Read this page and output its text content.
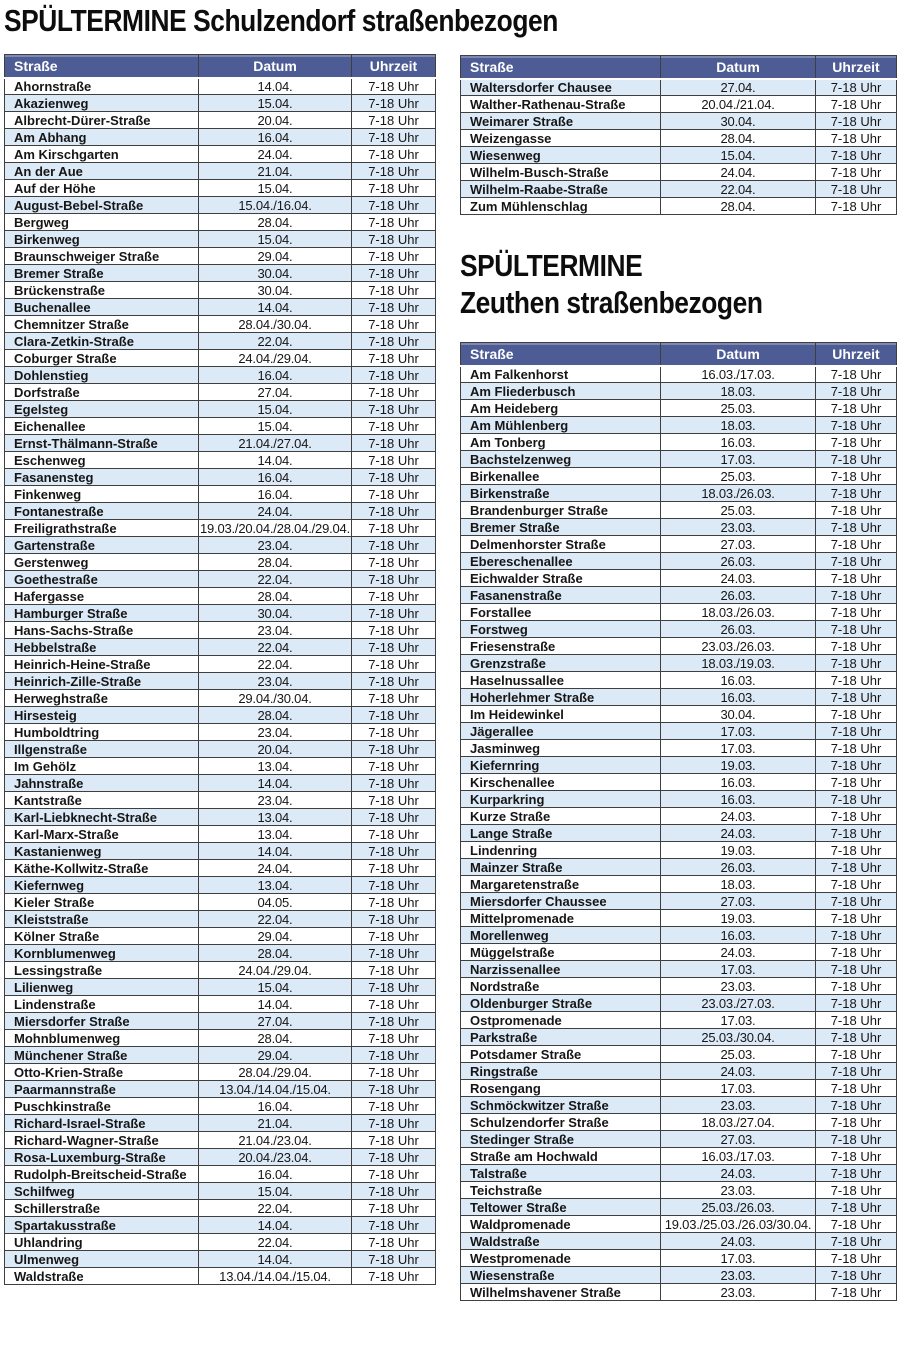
SPÜLTERMINE Schulzendorf straßenbezogen
Straße	Datum	Uhrzeit
Ahornstraße	14.04.	7-18 Uhr
Akazienweg	15.04.	7-18 Uhr
Albrecht-Dürer-Straße	20.04.	7-18 Uhr
Am Abhang	16.04.	7-18 Uhr
Am Kirschgarten	24.04.	7-18 Uhr
An der Aue	21.04.	7-18 Uhr
Auf der Höhe	15.04.	7-18 Uhr
August-Bebel-Straße	15.04./16.04.	7-18 Uhr
Bergweg	28.04.	7-18 Uhr
Birkenweg	15.04.	7-18 Uhr
Braunschweiger Straße	29.04.	7-18 Uhr
Bremer Straße	30.04.	7-18 Uhr
Brückenstraße	30.04.	7-18 Uhr
Buchenallee	14.04.	7-18 Uhr
Chemnitzer Straße	28.04./30.04.	7-18 Uhr
Clara-Zetkin-Straße	22.04.	7-18 Uhr
Coburger Straße	24.04./29.04.	7-18 Uhr
Dohlenstieg	16.04.	7-18 Uhr
Dorfstraße	27.04.	7-18 Uhr
Egelsteg	15.04.	7-18 Uhr
Eichenallee	15.04.	7-18 Uhr
Ernst-Thälmann-Straße	21.04./27.04.	7-18 Uhr
Eschenweg	14.04.	7-18 Uhr
Fasanensteg	16.04.	7-18 Uhr
Finkenweg	16.04.	7-18 Uhr
Fontanestraße	24.04.	7-18 Uhr
Freiligrathstraße	19.03./20.04./28.04./29.04.	7-18 Uhr
Gartenstraße	23.04.	7-18 Uhr
Gerstenweg	28.04.	7-18 Uhr
Goethestraße	22.04.	7-18 Uhr
Hafergasse	28.04.	7-18 Uhr
Hamburger Straße	30.04.	7-18 Uhr
Hans-Sachs-Straße	23.04.	7-18 Uhr
Hebbelstraße	22.04.	7-18 Uhr
Heinrich-Heine-Straße	22.04.	7-18 Uhr
Heinrich-Zille-Straße	23.04.	7-18 Uhr
Herweghstraße	29.04./30.04.	7-18 Uhr
Hirsesteig	28.04.	7-18 Uhr
Humboldtring	23.04.	7-18 Uhr
Illgenstraße	20.04.	7-18 Uhr
Im Gehölz	13.04.	7-18 Uhr
Jahnstraße	14.04.	7-18 Uhr
Kantstraße	23.04.	7-18 Uhr
Karl-Liebknecht-Straße	13.04.	7-18 Uhr
Karl-Marx-Straße	13.04.	7-18 Uhr
Kastanienweg	14.04.	7-18 Uhr
Käthe-Kollwitz-Straße	24.04.	7-18 Uhr
Kiefernweg	13.04.	7-18 Uhr
Kieler Straße	04.05.	7-18 Uhr
Kleiststraße	22.04.	7-18 Uhr
Kölner Straße	29.04.	7-18 Uhr
Kornblumenweg	28.04.	7-18 Uhr
Lessingstraße	24.04./29.04.	7-18 Uhr
Lilienweg	15.04.	7-18 Uhr
Lindenstraße	14.04.	7-18 Uhr
Miersdorfer Straße	27.04.	7-18 Uhr
Mohnblumenweg	28.04.	7-18 Uhr
Münchener Straße	29.04.	7-18 Uhr
Otto-Krien-Straße	28.04./29.04.	7-18 Uhr
Paarmannstraße	13.04./14.04./15.04.	7-18 Uhr
Puschkinstraße	16.04.	7-18 Uhr
Richard-Israel-Straße	21.04.	7-18 Uhr
Richard-Wagner-Straße	21.04./23.04.	7-18 Uhr
Rosa-Luxemburg-Straße	20.04./23.04.	7-18 Uhr
Rudolph-Breitscheid-Straße	16.04.	7-18 Uhr
Schilfweg	15.04.	7-18 Uhr
Schillerstraße	22.04.	7-18 Uhr
Spartakusstraße	14.04.	7-18 Uhr
Uhlandring	22.04.	7-18 Uhr
Ulmenweg	14.04.	7-18 Uhr
Waldstraße	13.04./14.04./15.04.	7-18 Uhr
Straße	Datum	Uhrzeit
Waltersdorfer Chausee	27.04.	7-18 Uhr
Walther-Rathenau-Straße	20.04./21.04.	7-18 Uhr
Weimarer Straße	30.04.	7-18 Uhr
Weizengasse	28.04.	7-18 Uhr
Wiesenweg	15.04.	7-18 Uhr
Wilhelm-Busch-Straße	24.04.	7-18 Uhr
Wilhelm-Raabe-Straße	22.04.	7-18 Uhr
Zum Mühlenschlag	28.04.	7-18 Uhr
SPÜLTERMINE
Zeuthen straßenbezogen
Straße	Datum	Uhrzeit
Am Falkenhorst	16.03./17.03.	7-18 Uhr
Am Fliederbusch	18.03.	7-18 Uhr
Am Heideberg	25.03.	7-18 Uhr
Am Mühlenberg	18.03.	7-18 Uhr
Am Tonberg	16.03.	7-18 Uhr
Bachstelzenweg	17.03.	7-18 Uhr
Birkenallee	25.03.	7-18 Uhr
Birkenstraße	18.03./26.03.	7-18 Uhr
Brandenburger Straße	25.03.	7-18 Uhr
Bremer Straße	23.03.	7-18 Uhr
Delmenhorster Straße	27.03.	7-18 Uhr
Ebereschenallee	26.03.	7-18 Uhr
Eichwalder Straße	24.03.	7-18 Uhr
Fasanenstraße	26.03.	7-18 Uhr
Forstallee	18.03./26.03.	7-18 Uhr
Forstweg	26.03.	7-18 Uhr
Friesenstraße	23.03./26.03.	7-18 Uhr
Grenzstraße	18.03./19.03.	7-18 Uhr
Haselnussallee	16.03.	7-18 Uhr
Hoherlehmer Straße	16.03.	7-18 Uhr
Im Heidewinkel	30.04.	7-18 Uhr
Jägerallee	17.03.	7-18 Uhr
Jasminweg	17.03.	7-18 Uhr
Kiefernring	19.03.	7-18 Uhr
Kirschenallee	16.03.	7-18 Uhr
Kurparkring	16.03.	7-18 Uhr
Kurze Straße	24.03.	7-18 Uhr
Lange Straße	24.03.	7-18 Uhr
Lindenring	19.03.	7-18 Uhr
Mainzer Straße	26.03.	7-18 Uhr
Margaretenstraße	18.03.	7-18 Uhr
Miersdorfer Chaussee	27.03.	7-18 Uhr
Mittelpromenade	19.03.	7-18 Uhr
Morellenweg	16.03.	7-18 Uhr
Müggelstraße	24.03.	7-18 Uhr
Narzissenallee	17.03.	7-18 Uhr
Nordstraße	23.03.	7-18 Uhr
Oldenburger Straße	23.03./27.03.	7-18 Uhr
Ostpromenade	17.03.	7-18 Uhr
Parkstraße	25.03./30.04.	7-18 Uhr
Potsdamer Straße	25.03.	7-18 Uhr
Ringstraße	24.03.	7-18 Uhr
Rosengang	17.03.	7-18 Uhr
Schmöckwitzer Straße	23.03.	7-18 Uhr
Schulzendorfer Straße	18.03./27.04.	7-18 Uhr
Stedinger Straße	27.03.	7-18 Uhr
Straße am Hochwald	16.03./17.03.	7-18 Uhr
Talstraße	24.03.	7-18 Uhr
Teichstraße	23.03.	7-18 Uhr
Teltower Straße	25.03./26.03.	7-18 Uhr
Waldpromenade	19.03./25.03./26.03/30.04.	7-18 Uhr
Waldstraße	24.03.	7-18 Uhr
Westpromenade	17.03.	7-18 Uhr
Wiesenstraße	23.03.	7-18 Uhr
Wilhelmshavener Straße	23.03.	7-18 Uhr
